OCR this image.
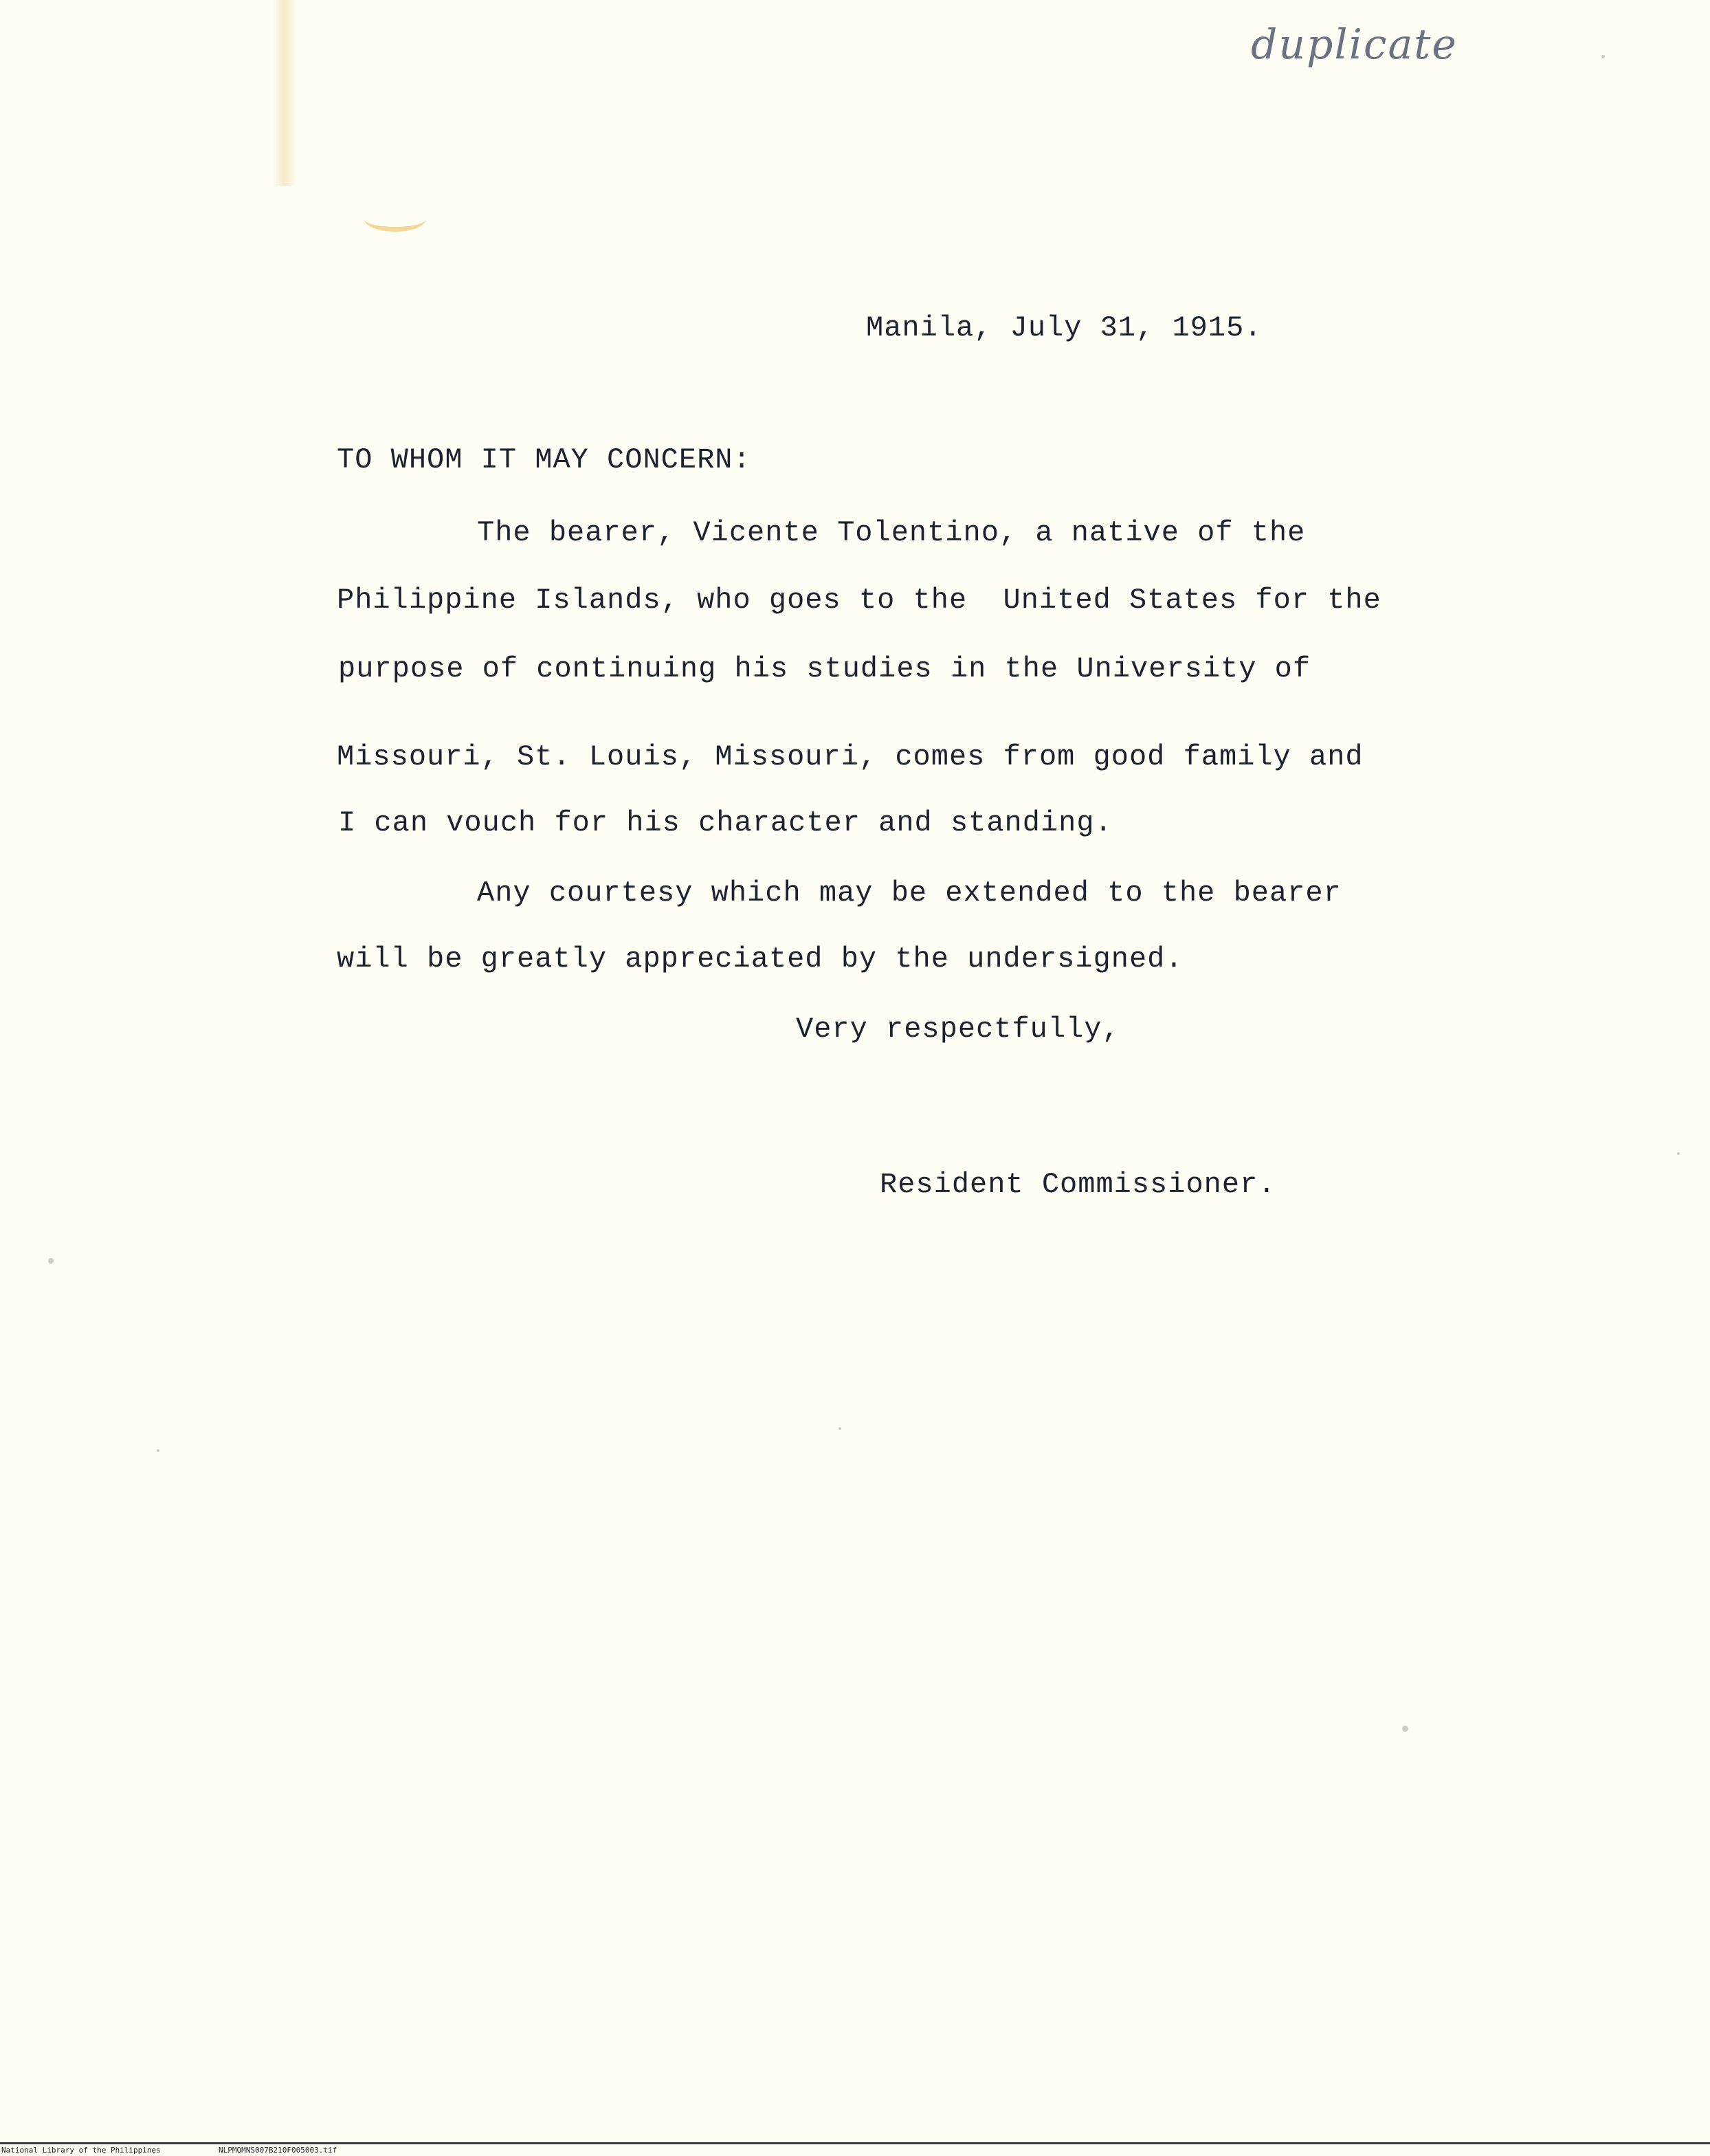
duplicate
Manila, July 31, 1915.
TO WHOM IT MAY CONCERN:
The bearer, Vicente Tolentino, a native of the
Philippine Islands, who goes to the  United States for the
purpose of continuing his studies in the University of
Missouri, St. Louis, Missouri, comes from good family and
I can vouch for his character and standing.
Any courtesy which may be extended to the bearer
will be greatly appreciated by the undersigned.
Very respectfully,
Resident Commissioner.
National Library of the Philippines	NLPMQMNS007B210F005003.tif
